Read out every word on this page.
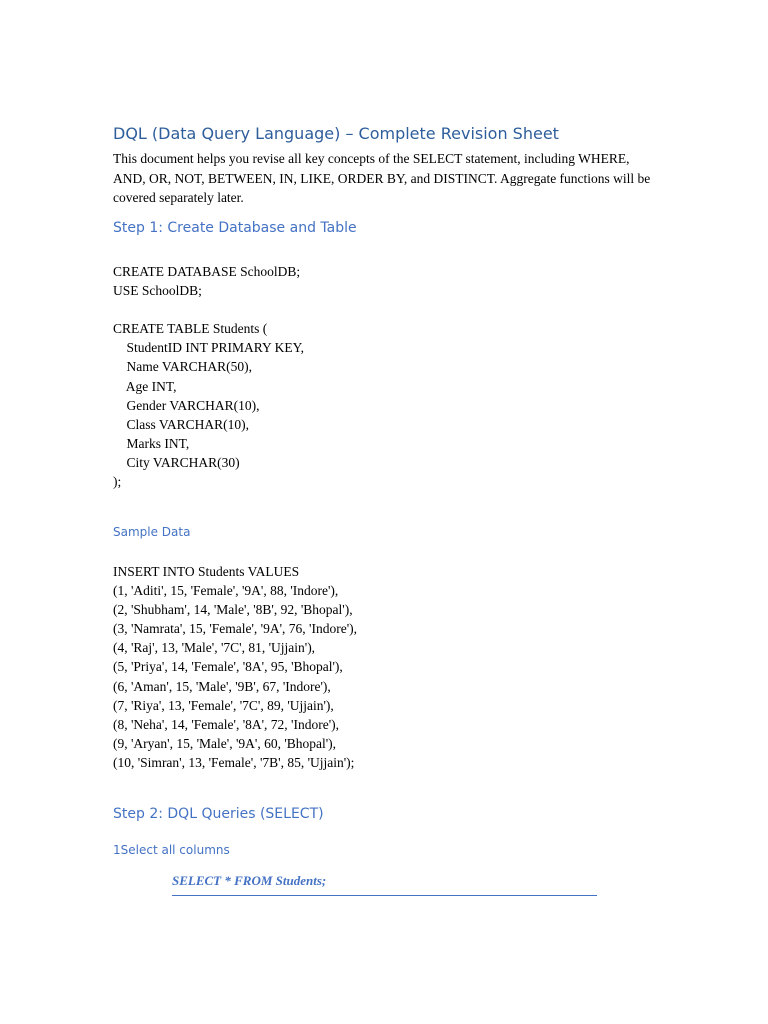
DQL (Data Query Language) – Complete Revision Sheet
This document helps you revise all key concepts of the SELECT statement, including WHERE, AND, OR, NOT, BETWEEN, IN, LIKE, ORDER BY, and DISTINCT. Aggregate functions will be covered separately later.
Step 1: Create Database and Table
CREATE DATABASE SchoolDB;
USE SchoolDB;
CREATE TABLE Students (
StudentID INT PRIMARY KEY,
Name VARCHAR(50),
Age INT,
Gender VARCHAR(10),
Class VARCHAR(10),
Marks INT,
City VARCHAR(30)
);
Sample Data
INSERT INTO Students VALUES
(1, 'Aditi', 15, 'Female', '9A', 88, 'Indore'),
(2, 'Shubham', 14, 'Male', '8B', 92, 'Bhopal'),
(3, 'Namrata', 15, 'Female', '9A', 76, 'Indore'),
(4, 'Raj', 13, 'Male', '7C', 81, 'Ujjain'),
(5, 'Priya', 14, 'Female', '8A', 95, 'Bhopal'),
(6, 'Aman', 15, 'Male', '9B', 67, 'Indore'),
(7, 'Riya', 13, 'Female', '7C', 89, 'Ujjain'),
(8, 'Neha', 14, 'Female', '8A', 72, 'Indore'),
(9, 'Aryan', 15, 'Male', '9A', 60, 'Bhopal'),
(10, 'Simran', 13, 'Female', '7B', 85, 'Ujjain');
Step 2: DQL Queries (SELECT)
1Select all columns
SELECT * FROM Students;
